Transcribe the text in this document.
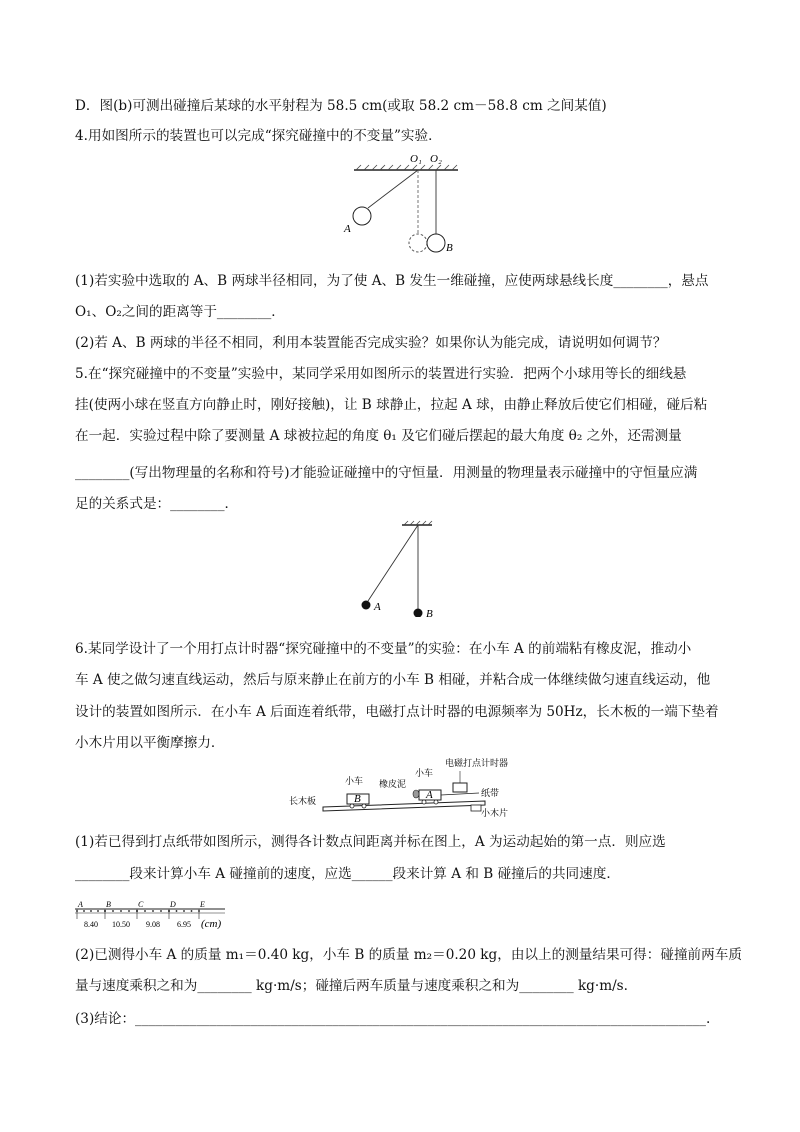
D．图(b)可测出碰撞后某球的水平射程为 58.5 cm(或取 58.2 cm－58.8 cm 之间某值)
4.用如图所示的装置也可以完成“探究碰撞中的不变量”实验．
O₁ O₂
A
B
(1)若实验中选取的 A、B 两球半径相同，为了使 A、B 发生一维碰撞，应使两球悬线长度________，悬点
O₁、O₂之间的距离等于________．
(2)若 A、B 两球的半径不相同，利用本装置能否完成实验？如果你认为能完成，请说明如何调节？
5.在“探究碰撞中的不变量”实验中，某同学采用如图所示的装置进行实验．把两个小球用等长的细线悬
挂(使两小球在竖直方向静止时，刚好接触)，让 B 球静止，拉起 A 球，由静止释放后使它们相碰，碰后粘
在一起．实验过程中除了要测量 A 球被拉起的角度 θ₁ 及它们碰后摆起的最大角度 θ₂ 之外，还需测量
________(写出物理量的名称和符号)才能验证碰撞中的守恒量．用测量的物理量表示碰撞中的守恒量应满
足的关系式是：________．
A
B
6.某同学设计了一个用打点计时器“探究碰撞中的不变量”的实验：在小车 A 的前端粘有橡皮泥，推动小
车 A 使之做匀速直线运动，然后与原来静止在前方的小车 B 相碰，并粘合成一体继续做匀速直线运动，他
设计的装置如图所示．在小车 A 后面连着纸带，电磁打点计时器的电源频率为 50Hz，长木板的一端下垫着
小木片用以平衡摩擦力．
电磁打点计时器
小车 橡皮泥
小车
纸带
长木板
小木片
B	A
(1)若已得到打点纸带如图所示，测得各计数点间距离并标在图上，A 为运动起始的第一点．则应选
________段来计算小车 A 碰撞前的速度，应选______段来计算 A 和 B 碰撞后的共同速度．
A	B	C	D	E
8.40 10.50 9.08 6.95 (cm)
(2)已测得小车 A 的质量 m₁＝0.40 kg，小车 B 的质量 m₂＝0.20 kg，由以上的测量结果可得：碰撞前两车质
量与速度乘积之和为________ kg·m/s；碰撞后两车质量与速度乘积之和为________ kg·m/s.
(3)结论：____________________________________________________________________________________.
